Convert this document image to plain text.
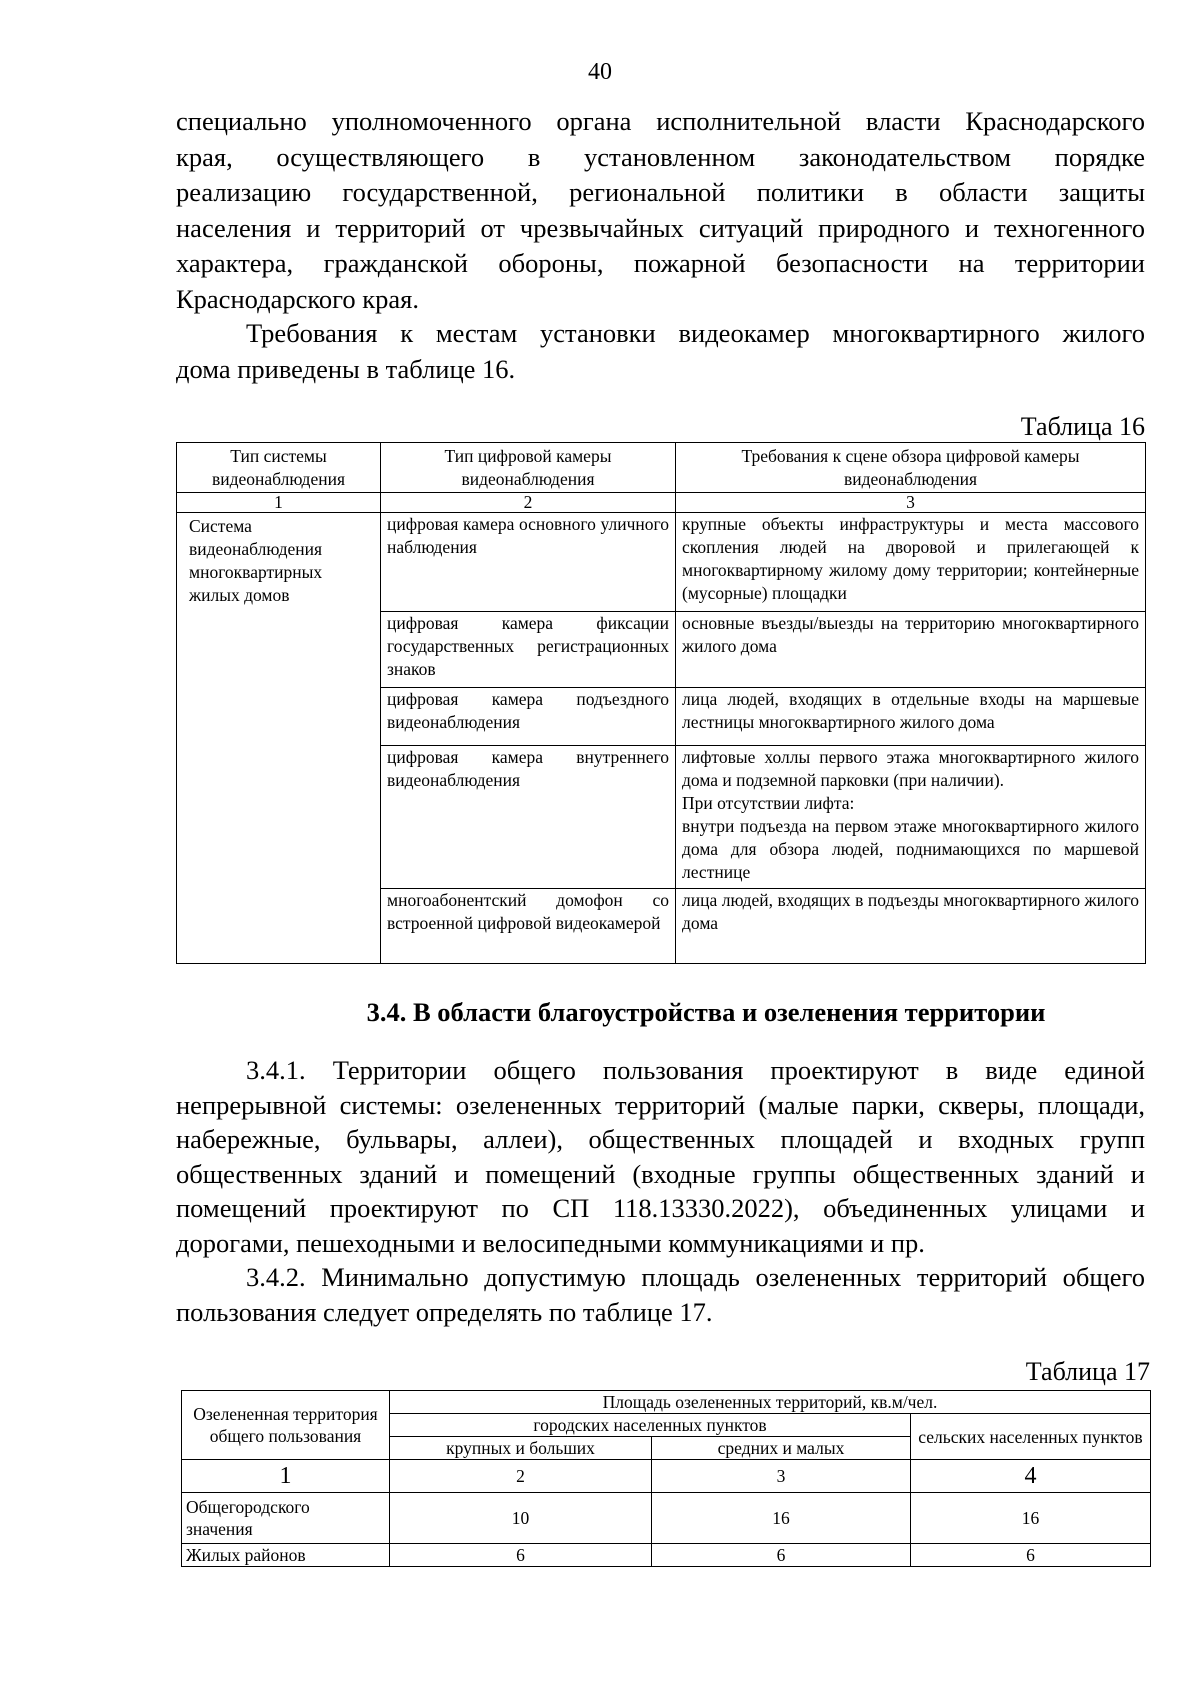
40
специально уполномоченного органа исполнительной власти Краснодарского
края, осуществляющего в установленном законодательством порядке
реализацию государственной, региональной политики в области защиты
населения и территорий от чрезвычайных ситуаций природного и техногенного
характера, гражданской обороны, пожарной безопасности на территории
Краснодарского края.
Требования к местам установки видеокамер многоквартирного жилого
дома приведены в таблице 16.
Таблица 16
Тип системы видеонаблюдения	Тип цифровой камеры видеонаблюдения	Требования к сцене обзора цифровой камеры видеонаблюдения
1	2	3

Система видеонаблюдения многоквартирных жилых домов	цифровая камера основного уличного наблюдения	крупные объекты инфраструктуры и места массового скопления людей на дворовой и прилегающей к многоквартирному жилому дому территории; контейнерные (мусорные) площадки
	цифровая камера фиксации государственных регистрационных знаков	основные въезды/выезды на территорию многоквартирного жилого дома
	цифровая камера подъездного видеонаблюдения	лица людей, входящих в отдельные входы на маршевые лестницы многоквартирного жилого дома
	цифровая камера внутреннего видеонаблюдения	лифтовые холлы первого этажа многоквартирного жилого дома и подземной парковки (при наличии).
При отсутствии лифта:
внутри подъезда на первом этаже многоквартирного жилого дома для обзора людей, поднимающихся по маршевой лестнице

	многоабонентский домофон со встроенной цифровой видеокамерой	лица людей, входящих в подъезды многоквартирного жилого дома
3.4. В области благоустройства и озеленения территории
3.4.1. Территории общего пользования проектируют в виде единой
непрерывной системы: озелененных территорий (малые парки, скверы, площади,
набережные, бульвары, аллеи), общественных площадей и входных групп
общественных зданий и помещений (входные группы общественных зданий и
помещений проектируют по СП 118.13330.2022), объединенных улицами и
дорогами, пешеходными и велосипедными коммуникациями и пр.
3.4.2. Минимально допустимую площадь озелененных территорий общего
пользования следует определять по таблице 17.
Таблица 17
Озелененная территория общего пользования	Площадь озелененных территорий, кв.м/чел.		
	городских населенных пунктов		сельских населенных пунктов
	крупных и больших	средних и малых	
1	2	3	4

Общегородского значения	10	16	16
Жилых районов	6	6	6
